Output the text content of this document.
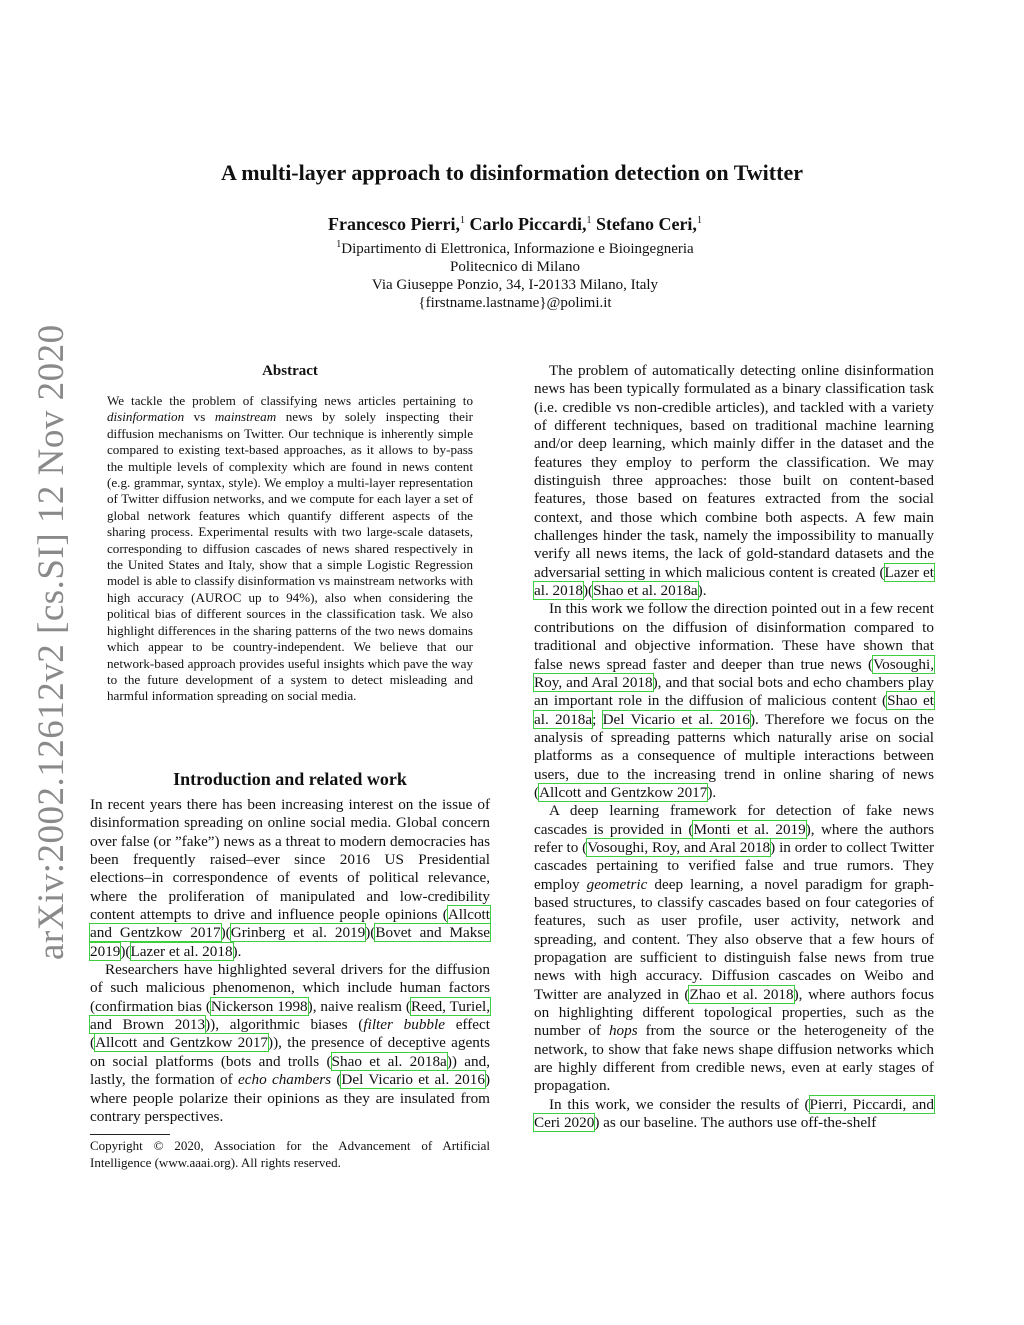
arXiv:2002.12612v2 [cs.SI] 12 Nov 2020
A multi-layer approach to disinformation detection on Twitter
Francesco Pierri,$^1$ Carlo Piccardi,$^1$ Stefano Ceri,$^1$
$^1$Dipartimento di Elettronica, Informazione e Bioingegneria
Politecnico di Milano
Via Giuseppe Ponzio, 34, I-20133 Milano, Italy
{firstname.lastname}@polimi.it
Abstract
We tackle the problem of classifying news articles pertaining to disinformation vs mainstream news by solely inspecting their diffusion mechanisms on Twitter. Our technique is inherently simple compared to existing text-based approaches, as it allows to by-pass the multiple levels of complexity which are found in news content (e.g. grammar, syntax, style). We employ a multi-layer representation of Twitter diffusion networks, and we compute for each layer a set of global network features which quantify different aspects of the sharing process. Experimental results with two large-scale datasets, corresponding to diffusion cascades of news shared respectively in the United States and Italy, show that a simple Logistic Regression model is able to classify disinformation vs mainstream networks with high accuracy (AUROC up to 94%), also when considering the political bias of different sources in the classification task. We also highlight differences in the sharing patterns of the two news domains which appear to be country-independent. We believe that our network-based approach provides useful insights which pave the way to the future development of a system to detect misleading and harmful information spreading on social media.
Introduction and related work

In recent years there has been increasing interest on the issue of disinformation spreading on online social media. Global concern over false (or ”fake”) news as a threat to modern democracies has been frequently raised–ever since 2016 US Presidential elections–in correspondence of events of political relevance, where the proliferation of manipulated and low-credibility content attempts to drive and influence people opinions (Allcott and Gentzkow 2017)(Grinberg et al. 2019)(Bovet and Makse 2019)(Lazer et al. 2018).

Researchers have highlighted several drivers for the diffusion of such malicious phenomenon, which include human factors (confirmation bias (Nickerson 1998), naive realism (Reed, Turiel, and Brown 2013)), algorithmic biases (filter bubble effect (Allcott and Gentzkow 2017)), the presence of deceptive agents on social platforms (bots and trolls (Shao et al. 2018a)) and, lastly, the formation of echo chambers (Del Vicario et al. 2016) where people polarize their opinions as they are insulated from contrary perspectives.

Copyright © 2020, Association for the Advancement of Artificial Intelligence (www.aaai.org). All rights reserved.

The problem of automatically detecting online disinformation news has been typically formulated as a binary classification task (i.e. credible vs non-credible articles), and tackled with a variety of different techniques, based on traditional machine learning and/or deep learning, which mainly differ in the dataset and the features they employ to perform the classification. We may distinguish three approaches: those built on content-based features, those based on features extracted from the social context, and those which combine both aspects. A few main challenges hinder the task, namely the impossibility to manually verify all news items, the lack of gold-standard datasets and the adversarial setting in which malicious content is created (Lazer et al. 2018)(Shao et al. 2018a).

In this work we follow the direction pointed out in a few recent contributions on the diffusion of disinformation compared to traditional and objective information. These have shown that false news spread faster and deeper than true news (Vosoughi, Roy, and Aral 2018), and that social bots and echo chambers play an important role in the diffusion of malicious content (Shao et al. 2018a; Del Vicario et al. 2016). Therefore we focus on the analysis of spreading patterns which naturally arise on social platforms as a consequence of multiple interactions between users, due to the increasing trend in online sharing of news (Allcott and Gentzkow 2017).

A deep learning framework for detection of fake news cascades is provided in (Monti et al. 2019), where the authors refer to (Vosoughi, Roy, and Aral 2018) in order to collect Twitter cascades pertaining to verified false and true rumors. They employ geometric deep learning, a novel paradigm for graph-based structures, to classify cascades based on four categories of features, such as user profile, user activity, network and spreading, and content. They also observe that a few hours of propagation are sufficient to distinguish false news from true news with high accuracy. Diffusion cascades on Weibo and Twitter are analyzed in (Zhao et al. 2018), where authors focus on highlighting different topological properties, such as the number of hops from the source or the heterogeneity of the network, to show that fake news shape diffusion networks which are highly different from credible news, even at early stages of propagation.

In this work, we consider the results of (Pierri, Piccardi, and Ceri 2020) as our baseline. The authors use off-the-shelf
